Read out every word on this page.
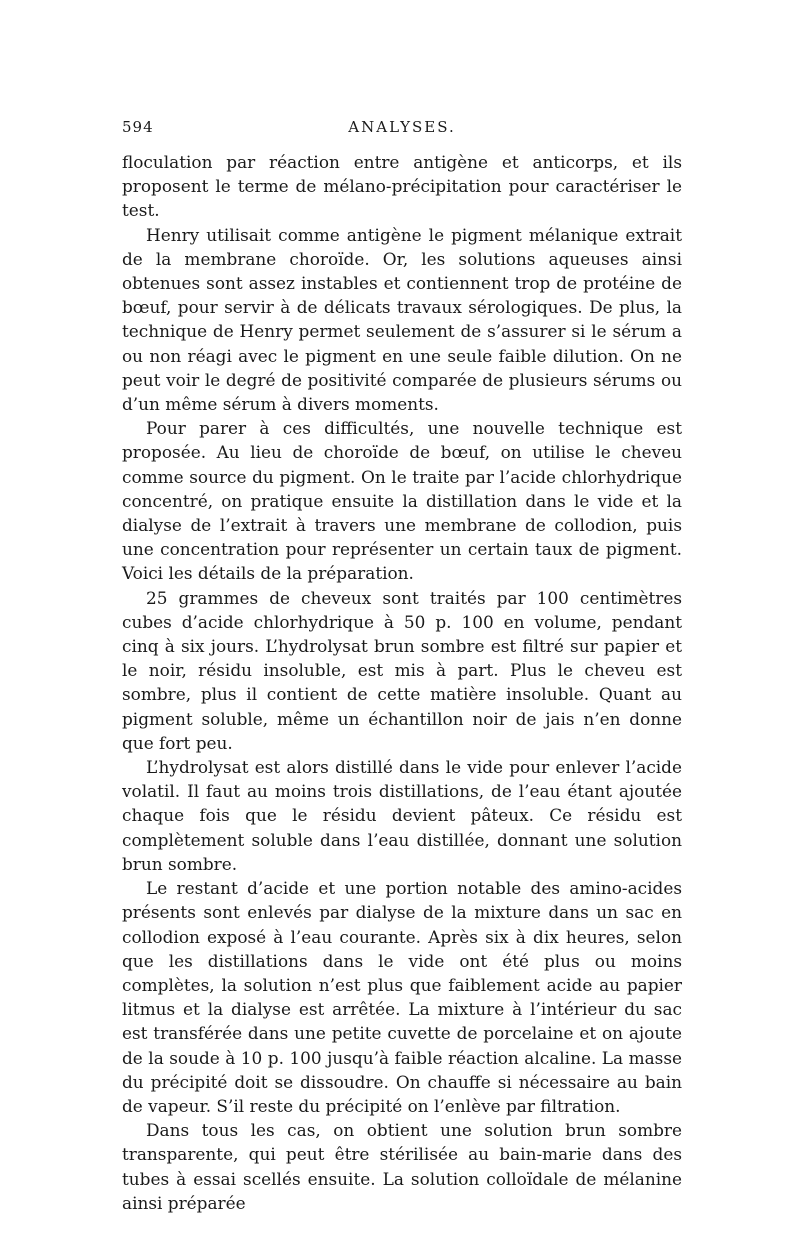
594	ANALYSES.

floculation par réaction entre antigène et anticorps, et ils proposent le terme de mélano-précipitation pour caractériser le test.

Henry utilisait comme antigène le pigment mélanique extrait de la membrane choroïde. Or, les solutions aqueuses ainsi obtenues sont assez instables et contiennent trop de protéine de bœuf, pour servir à de délicats travaux sérologiques. De plus, la technique de Henry permet seulement de s’assurer si le sérum a ou non réagi avec le pigment en une seule faible dilution. On ne peut voir le degré de positivité comparée de plusieurs sérums ou d’un même sérum à divers moments.

Pour parer à ces difficultés, une nouvelle technique est proposée. Au lieu de choroïde de bœuf, on utilise le cheveu comme source du pigment. On le traite par l’acide chlorhydrique concentré, on pratique ensuite la distillation dans le vide et la dialyse de l’extrait à travers une membrane de collodion, puis une concentration pour représenter un certain taux de pigment. Voici les détails de la préparation.

25 grammes de cheveux sont traités par 100 centimètres cubes d’acide chlorhydrique à 50 p. 100 en volume, pendant cinq à six jours. L’hydrolysat brun sombre est filtré sur papier et le noir, résidu insoluble, est mis à part. Plus le cheveu est sombre, plus il contient de cette matière insoluble. Quant au pigment soluble, même un échantillon noir de jais n’en donne que fort peu.

L’hydrolysat est alors distillé dans le vide pour enlever l’acide volatil. Il faut au moins trois distillations, de l’eau étant ajoutée chaque fois que le résidu devient pâteux. Ce résidu est complètement soluble dans l’eau distillée, donnant une solution brun sombre.

Le restant d’acide et une portion notable des amino-acides présents sont enlevés par dialyse de la mixture dans un sac en collodion exposé à l’eau courante. Après six à dix heures, selon que les distillations dans le vide ont été plus ou moins complètes, la solution n’est plus que faiblement acide au papier litmus et la dialyse est arrêtée. La mixture à l’intérieur du sac est transférée dans une petite cuvette de porcelaine et on ajoute de la soude à 10 p. 100 jusqu’à faible réaction alcaline. La masse du précipité doit se dissoudre. On chauffe si nécessaire au bain de vapeur. S’il reste du précipité on l’enlève par filtration.

Dans tous les cas, on obtient une solution brun sombre transparente, qui peut être stérilisée au bain-marie dans des tubes à essai scellés ensuite. La solution colloïdale de mélanine ainsi préparée
